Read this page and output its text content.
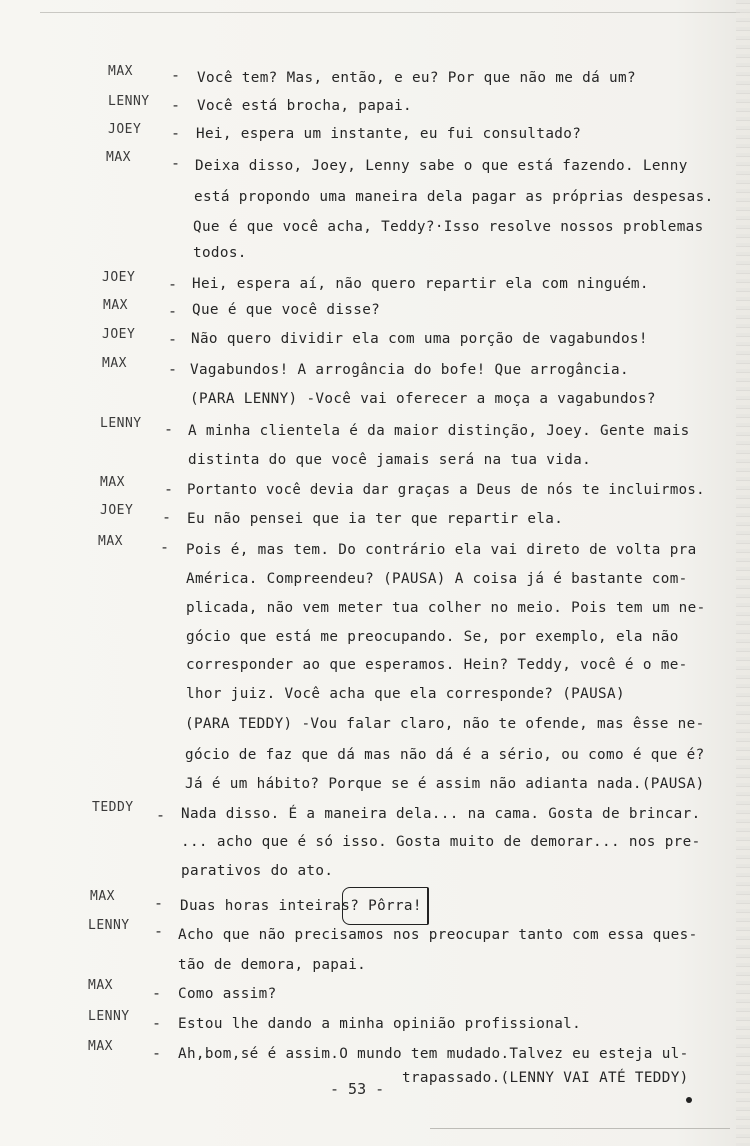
MAX	- Você tem? Mas, então, e eu? Por que não me dá um?
LENNY - Você está brocha, papai.
JOEY - Hei, espera um instante, eu fui consultado?
MAX	- Deixa disso, Joey, Lenny sabe o que está fazendo. Lenny
está propondo uma maneira dela pagar as próprias despesas.
Que é que você acha, Teddy?·Isso resolve nossos problemas
todos.
JOEY - Hei, espera aí, não quero repartir ela com ninguém.
MAX	- Que é que você disse?
JOEY - Não quero dividir ela com uma porção de vagabundos!
MAX	- Vagabundos! A arrogância do bofe! Que arrogância.
(PARA LENNY) -Você vai oferecer a moça a vagabundos?
LENNY - A minha clientela é da maior distinção, Joey. Gente mais
distinta do que você jamais será na tua vida.
MAX	- Portanto você devia dar graças a Deus de nós te incluirmos.
JOEY - Eu não pensei que ia ter que repartir ela.
MAX - Pois é, mas tem. Do contrário ela vai direto de volta pra
América. Compreendeu? (PAUSA) A coisa já é bastante com-
plicada, não vem meter tua colher no meio. Pois tem um ne-
gócio que está me preocupando. Se, por exemplo, ela não
corresponder ao que esperamos. Hein? Teddy, você é o me-
lhor juiz. Você acha que ela corresponde? (PAUSA)
(PARA TEDDY) -Vou falar claro, não te ofende, mas êsse ne-
gócio de faz que dá mas não dá é a sério, ou como é que é?
Já é um hábito? Porque se é assim não adianta nada.(PAUSA)
TEDDY - Nada disso. É a maneira dela... na cama. Gosta de brincar.
... acho que é só isso. Gosta muito de demorar... nos pre-
parativos do ato.
MAX	- Duas horas inteiras? Pôrra!
LENNY - Acho que não precisamos nos preocupar tanto com essa ques-
tão de demora, papai.
MAX	- Como assim?
LENNY - Estou lhe dando a minha opinião profissional.
MAX	- Ah,bom,sé é assim.O mundo tem mudado.Talvez eu esteja ul-
trapassado.(LENNY VAI ATÉ TEDDY)
- 53 -
